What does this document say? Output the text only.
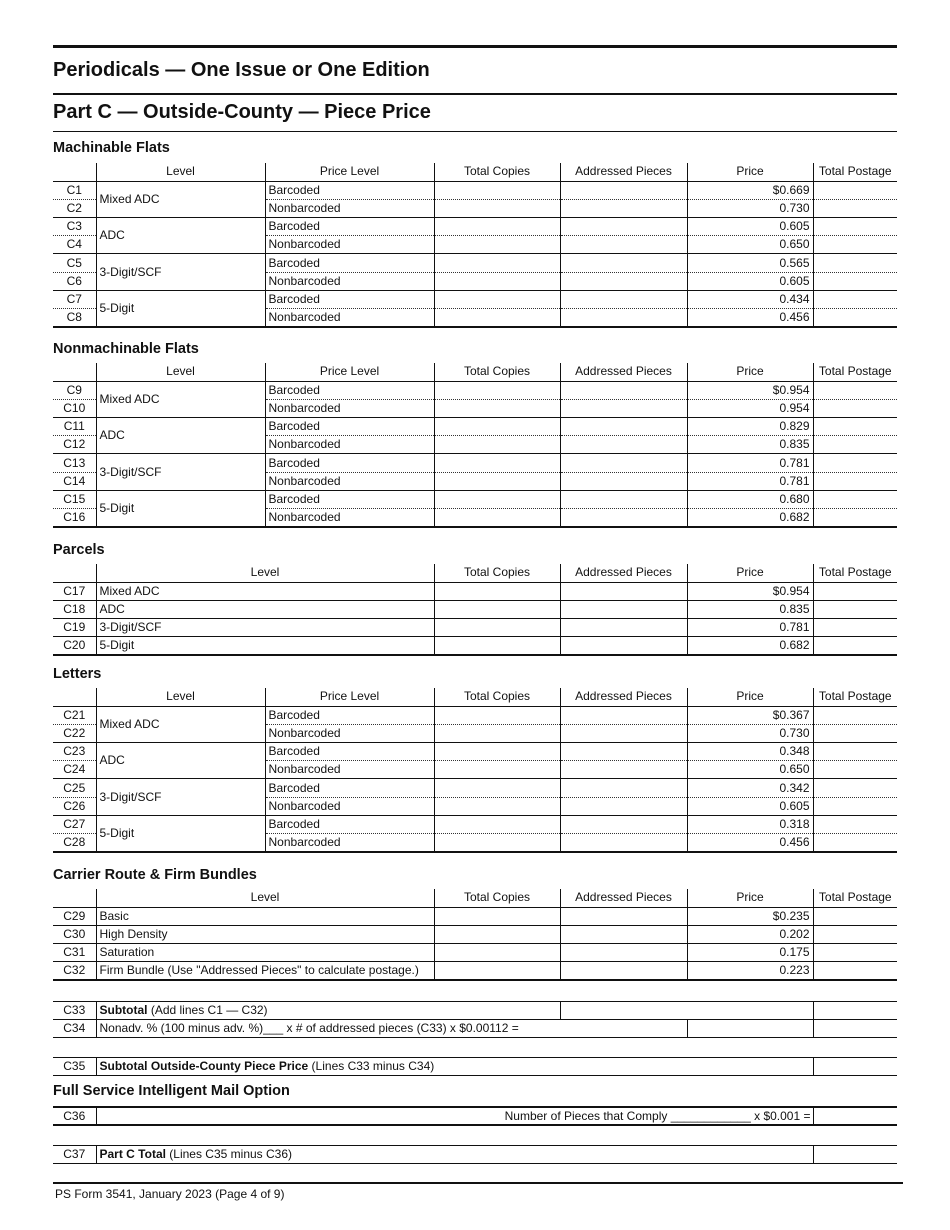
Periodicals — One Issue or One Edition
Part C — Outside-County — Piece Price
Machinable Flats
	Level	Price Level	Total Copies	Addressed Pieces	Price	Total Postage
C1	Mixed ADC	Barcoded			$0.669	
C2		Nonbarcoded			0.730	
C3	ADC	Barcoded			0.605	
C4		Nonbarcoded			0.650	
C5	3-Digit/SCF	Barcoded			0.565	
C6		Nonbarcoded			0.605	
C7	5-Digit	Barcoded			0.434	
C8		Nonbarcoded			0.456	
Nonmachinable Flats
	Level	Price Level	Total Copies	Addressed Pieces	Price	Total Postage
C9	Mixed ADC	Barcoded			$0.954	
C10		Nonbarcoded			0.954	
C11	ADC	Barcoded			0.829	
C12		Nonbarcoded			0.835	
C13	3-Digit/SCF	Barcoded			0.781	
C14		Nonbarcoded			0.781	
C15	5-Digit	Barcoded			0.680	
C16		Nonbarcoded			0.682	
Parcels
	Level	Total Copies	Addressed Pieces	Price	Total Postage
C17	Mixed ADC			$0.954	
C18	ADC			0.835	
C19	3-Digit/SCF			0.781	
C20	5-Digit			0.682	
Letters
	Level	Price Level	Total Copies	Addressed Pieces	Price	Total Postage
C21	Mixed ADC	Barcoded			$0.367	
C22		Nonbarcoded			0.730	
C23	ADC	Barcoded			0.348	
C24		Nonbarcoded			0.650	
C25	3-Digit/SCF	Barcoded			0.342	
C26		Nonbarcoded			0.605	
C27	5-Digit	Barcoded			0.318	
C28		Nonbarcoded			0.456	
Carrier Route & Firm Bundles
	Level	Total Copies	Addressed Pieces	Price	Total Postage
C29	Basic			$0.235	
C30	High Density			0.202	
C31	Saturation			0.175	
C32	Firm Bundle (Use "Addressed Pieces" to calculate postage.)			0.223	
C33	Subtotal (Add lines C1 — C32)			
C34	Nonadv. % (100 minus adv. %)___ x # of addressed pieces (C33) x $0.00112 =			
C35	Subtotal Outside-County Piece Price (Lines C33 minus C34)	
Full Service Intelligent Mail Option
C36	Number of Pieces that Comply ____________ x $0.001 =	
C37	Part C Total (Lines C35 minus C36)	
PS Form 3541, January 2023 (Page 4 of 9)
